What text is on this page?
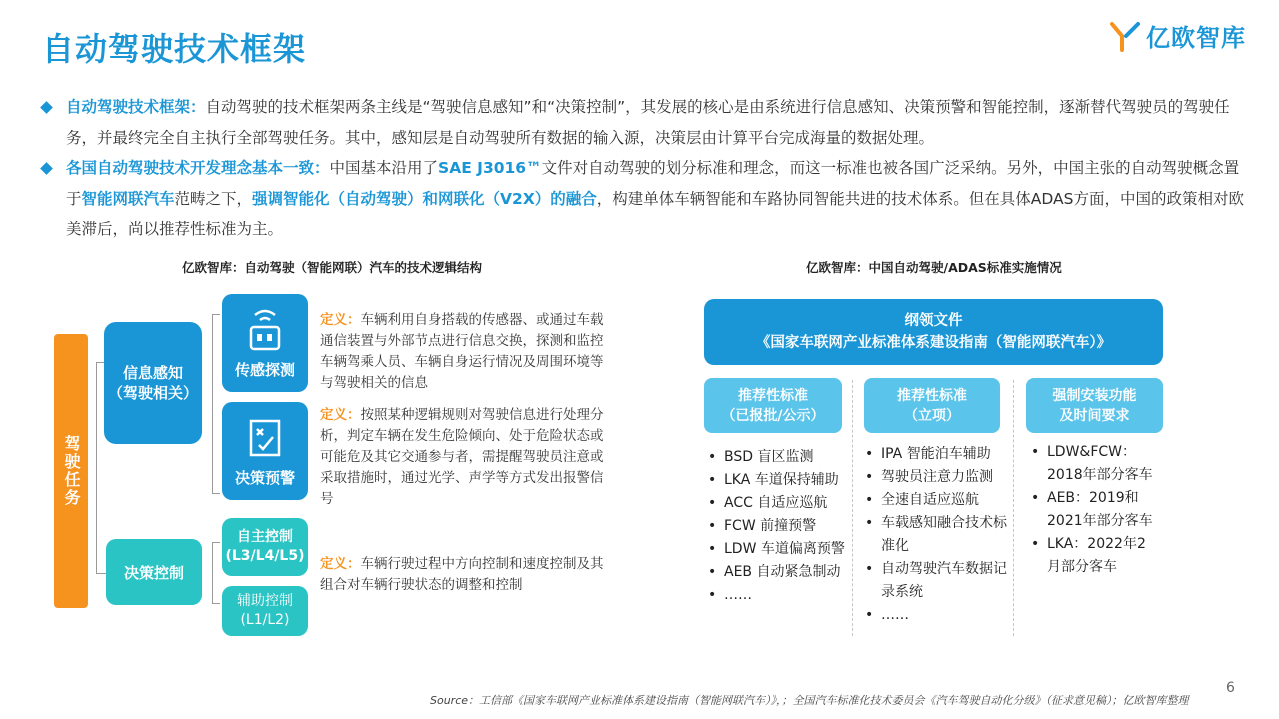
自动驾驶技术框架	亿欧智库
自动驾驶技术框架：自动驾驶的技术框架两条主线是“驾驶信息感知”和“决策控制”，其发展的核心是由系统进行信息感知、决策预警和智能控制，逐渐替代驾驶员的驾驶任务，并最终完全自主执行全部驾驶任务。其中，感知层是自动驾驶所有数据的输入源，决策层由计算平台完成海量的数据处理。
各国自动驾驶技术开发理念基本一致：中国基本沿用了SAE J3016™文件对自动驾驶的划分标准和理念，而这一标准也被各国广泛采纳。另外，中国主张的自动驾驶概念置于智能网联汽车范畴之下，强调智能化（自动驾驶）和网联化（V2X）的融合，构建单体车辆智能和车路协同智能共进的技术体系。但在具体ADAS方面，中国的政策相对欧美滞后，尚以推荐性标准为主。
亿欧智库：自动驾驶（智能网联）汽车的技术逻辑结构
驾驶任务
信息感知
（驾驶相关）
决策控制
传感探测
决策预警
自主控制
(L3/L4/L5)
辅助控制
(L1/L2)
定义：车辆利用自身搭载的传感器、或通过车载通信装置与外部节点进行信息交换，探测和监控车辆驾乘人员、车辆自身运行情况及周围环境等与驾驶相关的信息
定义：按照某种逻辑规则对驾驶信息进行处理分析，判定车辆在发生危险倾向、处于危险状态或可能危及其它交通参与者，需提醒驾驶员注意或采取措施时，通过光学、声学等方式发出报警信号
定义：车辆行驶过程中方向控制和速度控制及其组合对车辆行驶状态的调整和控制
亿欧智库：中国自动驾驶/ADAS标准实施情况
纲领文件
《国家车联网产业标准体系建设指南（智能网联汽车）》
推荐性标准
（已报批/公示）
推荐性标准
（立项）
强制安装功能
及时间要求
• BSD 盲区监测
• LKA 车道保持辅助
• ACC 自适应巡航
• FCW 前撞预警
• LDW 车道偏离预警
• AEB 自动紧急制动
• ……
• IPA 智能泊车辅助
• 驾驶员注意力监测
• 全速自适应巡航
• 车载感知融合技术标准化
• 自动驾驶汽车数据记录系统
• ……
• LDW&FCW：2018年部分客车
• AEB：2019和2021年部分客车
• LKA：2022年2月部分客车
Source：工信部《国家车联网产业标准体系建设指南（智能网联汽车）》，；全国汽车标准化技术委员会《汽车驾驶自动化分级》（征求意见稿）；亿欧智库整理
6
